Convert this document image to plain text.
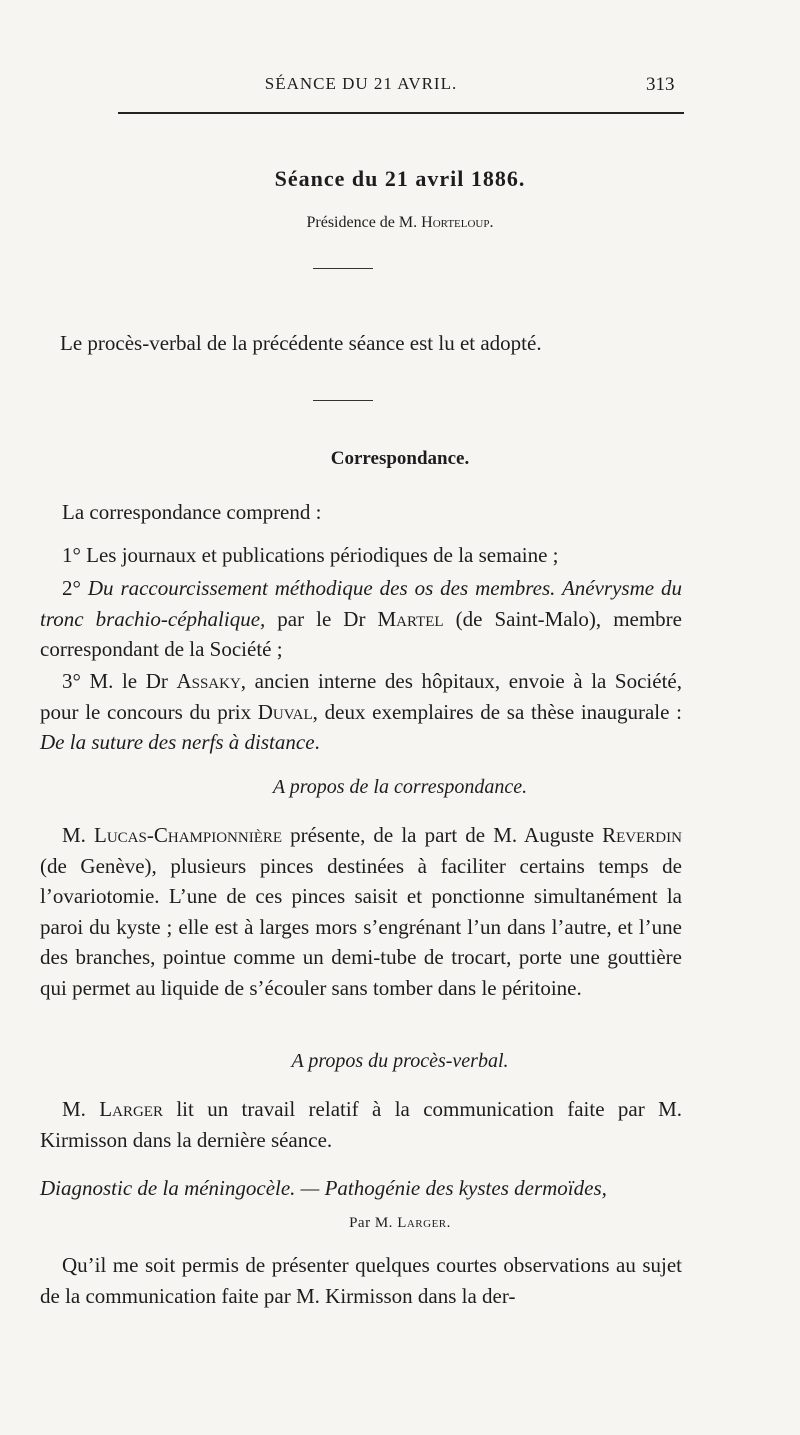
SÉANCE DU 21 AVRIL.	313
Séance du 21 avril 1886.
Présidence de M. Horteloup.
Le procès-verbal de la précédente séance est lu et adopté.
Correspondance.
La correspondance comprend :
1° Les journaux et publications périodiques de la semaine ;
2° Du raccourcissement méthodique des os des membres. Anévrysme du tronc brachio-céphalique, par le Dr Martel (de Saint-Malo), membre correspondant de la Société ;
3° M. le Dr Assaky, ancien interne des hôpitaux, envoie à la Société, pour le concours du prix Duval, deux exemplaires de sa thèse inaugurale : De la suture des nerfs à distance.
A propos de la correspondance.
M. Lucas-Championnière présente, de la part de M. Auguste Reverdin (de Genève), plusieurs pinces destinées à faciliter certains temps de l’ovariotomie. L’une de ces pinces saisit et ponctionne simultanément la paroi du kyste ; elle est à larges mors s’engrénant l’un dans l’autre, et l’une des branches, pointue comme un demi-tube de trocart, porte une gouttière qui permet au liquide de s’écouler sans tomber dans le péritoine.
A propos du procès-verbal.
M. Larger lit un travail relatif à la communication faite par M. Kirmisson dans la dernière séance.
Diagnostic de la méningocèle. — Pathogénie des kystes dermoïdes,
Par M. Larger.
Qu’il me soit permis de présenter quelques courtes observations au sujet de la communication faite par M. Kirmisson dans la der-
